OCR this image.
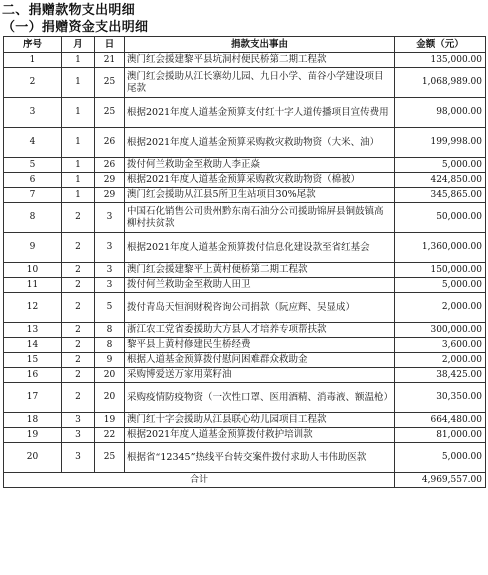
二、捐赠款物支出明细
（一）捐赠资金支出明细
序号	月	日	捐款支出事由	金额（元）
1	1	21	澳门红会援建黎平县坑洞村便民桥第二期工程款	135,000.00
2	1	25	澳门红会援助从江长寨幼儿园、九日小学、苗谷小学建设项目尾款	1,068,989.00
3	1	25	根据2021年度人道基金预算支付红十字人道传播项目宣传费用	98,000.00
4	1	26	根据2021年度人道基金预算采购救灾救助物资（大米、油）	199,998.00
5	1	26	拨付何兰救助金至救助人李正焱	5,000.00
6	1	29	根据2021年度人道基金预算采购救灾救助物资（棉被）	424,850.00
7	1	29	澳门红会援助从江县5所卫生站项目30%尾款	345,865.00
8	2	3	中国石化销售公司贵州黔东南石油分公司援助锦屏县铜鼓镇高柳村扶贫款	50,000.00
9	2	3	根据2021年度人道基金预算拨付信息化建设款至省红基会	1,360,000.00
10	2	3	澳门红会援建黎平上黄村便桥第二期工程款	150,000.00
11	2	3	拨付何兰救助金至救助人田卫	5,000.00
12	2	5	拨付青岛天恒润财税咨询公司捐款（阮应辉、吴显成）	2,000.00
13	2	8	浙江农工党省委援助大方县人才培养专项帮扶款	300,000.00
14	2	8	黎平县上黄村修建民生桥经费	3,600.00
15	2	9	根据人道基金预算拨付慰问困难群众救助金	2,000.00
16	2	20	采购博爱送万家用菜籽油	38,425.00
17	2	20	采购疫情防疫物资（一次性口罩、医用酒精、消毒液、额温枪）	30,350.00
18	3	19	澳门红十字会援助从江县联心幼儿园项目工程款	664,480.00
19	3	22	根据2021年度人道基金预算拨付救护培训款	81,000.00
20	3	25	根据省“12345”热线平台转交案件拨付求助人韦伟助医款	5,000.00
合计				4,969,557.00
